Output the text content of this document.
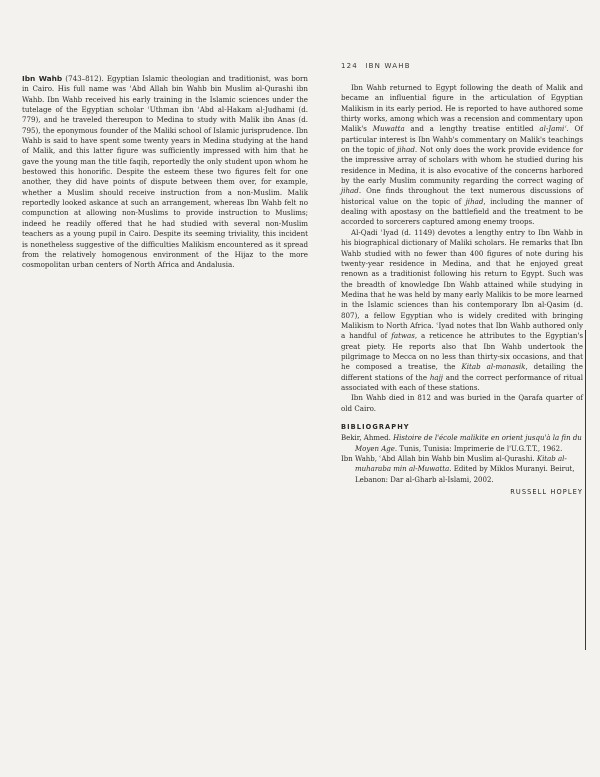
124 IBN WAHB

Ibn Wahb (743–812). Egyptian Islamic theologian and traditionist, was born in Cairo. His full name was ʿAbd Allah bin Wahb bin Muslim al-Qurashi ibn Wahb. Ibn Wahb received his early training in the Islamic sciences under the tutelage of the Egyptian scholar ʿUthman ibn ʿAbd al-Hakam al-Judhami (d. 779), and he traveled thereupon to Medina to study with Malik ibn Anas (d. 795), the eponymous founder of the Maliki school of Islamic jurisprudence. Ibn Wahb is said to have spent some twenty years in Medina studying at the hand of Malik, and this latter figure was sufficiently impressed with him that he gave the young man the title faqih, reportedly the only student upon whom he bestowed this honorific. Despite the esteem these two figures felt for one another, they did have points of dispute between them over, for example, whether a Muslim should receive instruction from a non-Muslim. Malik reportedly looked askance at such an arrangement, whereas Ibn Wahb felt no compunction at allowing non-Muslims to provide instruction to Muslims; indeed he readily offered that he had studied with several non-Muslim teachers as a young pupil in Cairo. Despite its seeming triviality, this incident is nonetheless suggestive of the difficulties Malikism encountered as it spread from the relatively homogenous environment of the Hijaz to the more cosmopolitan urban centers of North Africa and Andalusia.

Ibn Wahb returned to Egypt following the death of Malik and became an influential figure in the articulation of Egyptian Malikism in its early period. He is reported to have authored some thirty works, among which was a recension and commentary upon Malik's Muwatta and a lengthy treatise entitled al-Jamiʿ. Of particular interest is Ibn Wahb's commentary on Malik's teachings on the topic of jihad. Not only does the work provide evidence for the impressive array of scholars with whom he studied during his residence in Medina, it is also evocative of the concerns harbored by the early Muslim community regarding the correct waging of jihad. One finds throughout the text numerous discussions of historical value on the topic of jihad, including the manner of dealing with apostasy on the battlefield and the treatment to be accorded to sorcerers captured among enemy troops.

Al-Qadi ʿIyad (d. 1149) devotes a lengthy entry to Ibn Wahb in his biographical dictionary of Maliki scholars. He remarks that Ibn Wahb studied with no fewer than 400 figures of note during his twenty-year residence in Medina, and that he enjoyed great renown as a traditionist following his return to Egypt. Such was the breadth of knowledge Ibn Wahb attained while studying in Medina that he was held by many early Malikis to be more learned in the Islamic sciences than his contemporary Ibn al-Qasim (d. 807), a fellow Egyptian who is widely credited with bringing Malikism to North Africa. ʿIyad notes that Ibn Wahb authored only a handful of fatwas, a reticence he attributes to the Egyptian's great piety. He reports also that Ibn Wahb undertook the pilgrimage to Mecca on no less than thirty-six occasions, and that he composed a treatise, the Kitab al-manasik, detailing the different stations of the hajj and the correct performance of ritual associated with each of these stations.

Ibn Wahb died in 812 and was buried in the Qarafa quarter of old Cairo.

BIBLIOGRAPHY
Bekir, Ahmed. Histoire de l'école malikite en orient jusqu'à la fin du Moyen Age. Tunis, Tunisia: Imprimerie de l'U.G.T.T., 1962.
Ibn Wahb, ʿAbd Allah bin Wahb bin Muslim al-Qurashi. Kitab al-muharaba min al-Muwatta. Edited by Miklos Muranyi. Beirut, Lebanon: Dar al-Gharb al-Islami, 2002.
RUSSELL HOPLEY
